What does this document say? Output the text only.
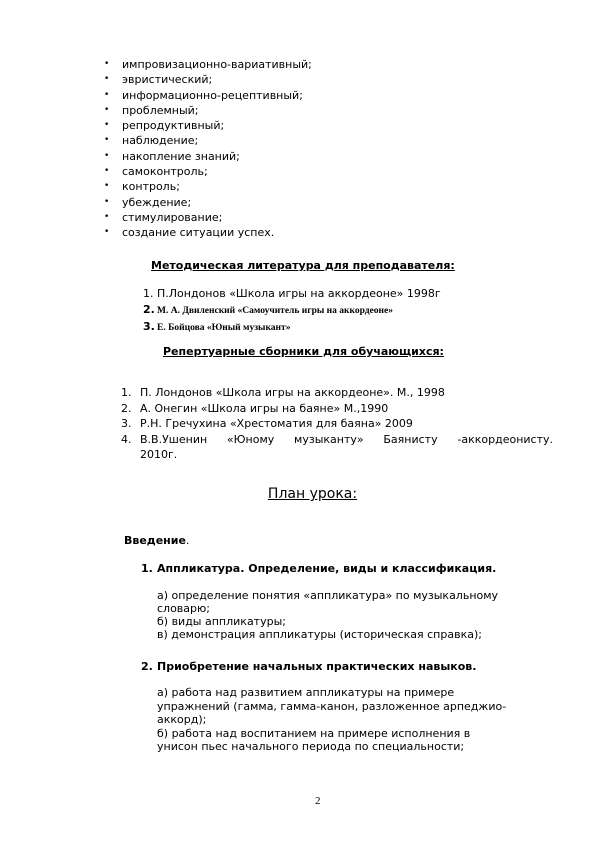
• импровизационно-вариативный;
• эвристический;
• информационно-рецептивный;
• проблемный;
• репродуктивный;
• наблюдение;
• накопление знаний;
• самоконтроль;
• контроль;
• убеждение;
• стимулирование;
• создание ситуации успех.
Методическая литература для преподавателя:
1. П.Лондонов «Школа игры на аккордеоне» 1998г
2. М. А. Двиленский «Самоучитель игры на аккордеоне»
3. Е. Бойцова «Юный музыкант»
Репертуарные сборники для обучающихся:
1. П. Лондонов «Школа игры на аккордеоне». М., 1998
2. А. Онегин «Школа игры на баяне» М.,1990
3. Р.Н. Гречухина «Хрестоматия для баяна» 2009
4. В.В.Ушенин «Юному музыканту» Баянисту -аккордеонисту.
2010г.
План урока:
Введение.
1. Аппликатура. Определение, виды и классификация.
а) определение понятия «аппликатура» по музыкальному
словарю;
б) виды аппликатуры;
в) демонстрация аппликатуры (историческая справка);
2. Приобретение начальных практических навыков.
а) работа над развитием аппликатуры на примере
упражнений (гамма, гамма-канон, разложенное арпеджио-
аккорд);
б) работа над воспитанием на примере исполнения в
унисон пьес начального периода по специальности;
2
